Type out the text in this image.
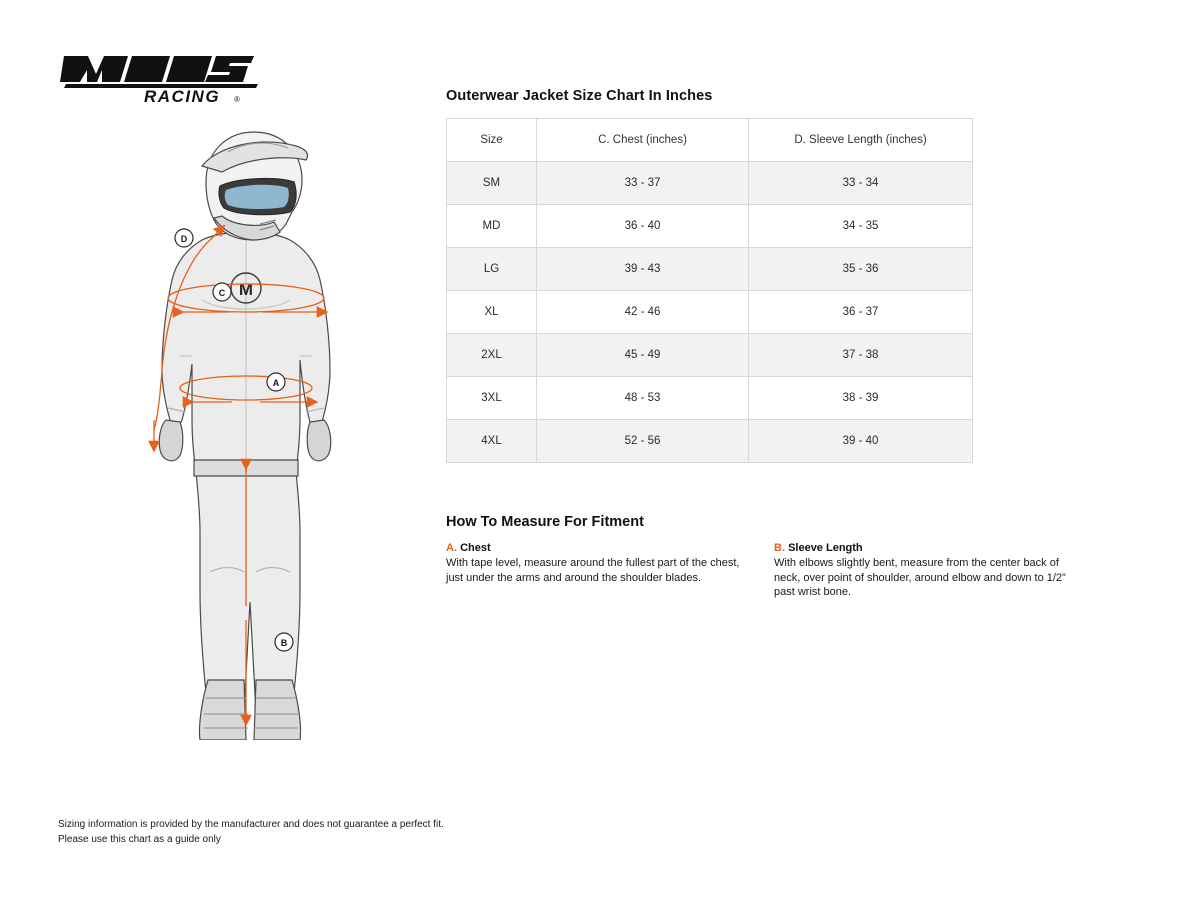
RACING ®
M
D
C
A
B
Outerwear Jacket Size Chart In Inches
Size	C. Chest (inches)	D. Sleeve Length (inches)
SM	33 - 37	33 - 34
MD	36 - 40	34 - 35
LG	39 - 43	35 - 36
XL	42 - 46	36 - 37
2XL	45 - 49	37 - 38
3XL	48 - 53	38 - 39
4XL	52 - 56	39 - 40
How To Measure For Fitment
A. Chest
With tape level, measure around the fullest part of the chest, just under the arms and around the shoulder blades.
B. Sleeve Length
With elbows slightly bent, measure from the center back of neck, over point of shoulder, around elbow and down to 1/2” past wrist bone.
Sizing information is provided by the manufacturer and does not guarantee a perfect fit.
Please use this chart as a guide only
